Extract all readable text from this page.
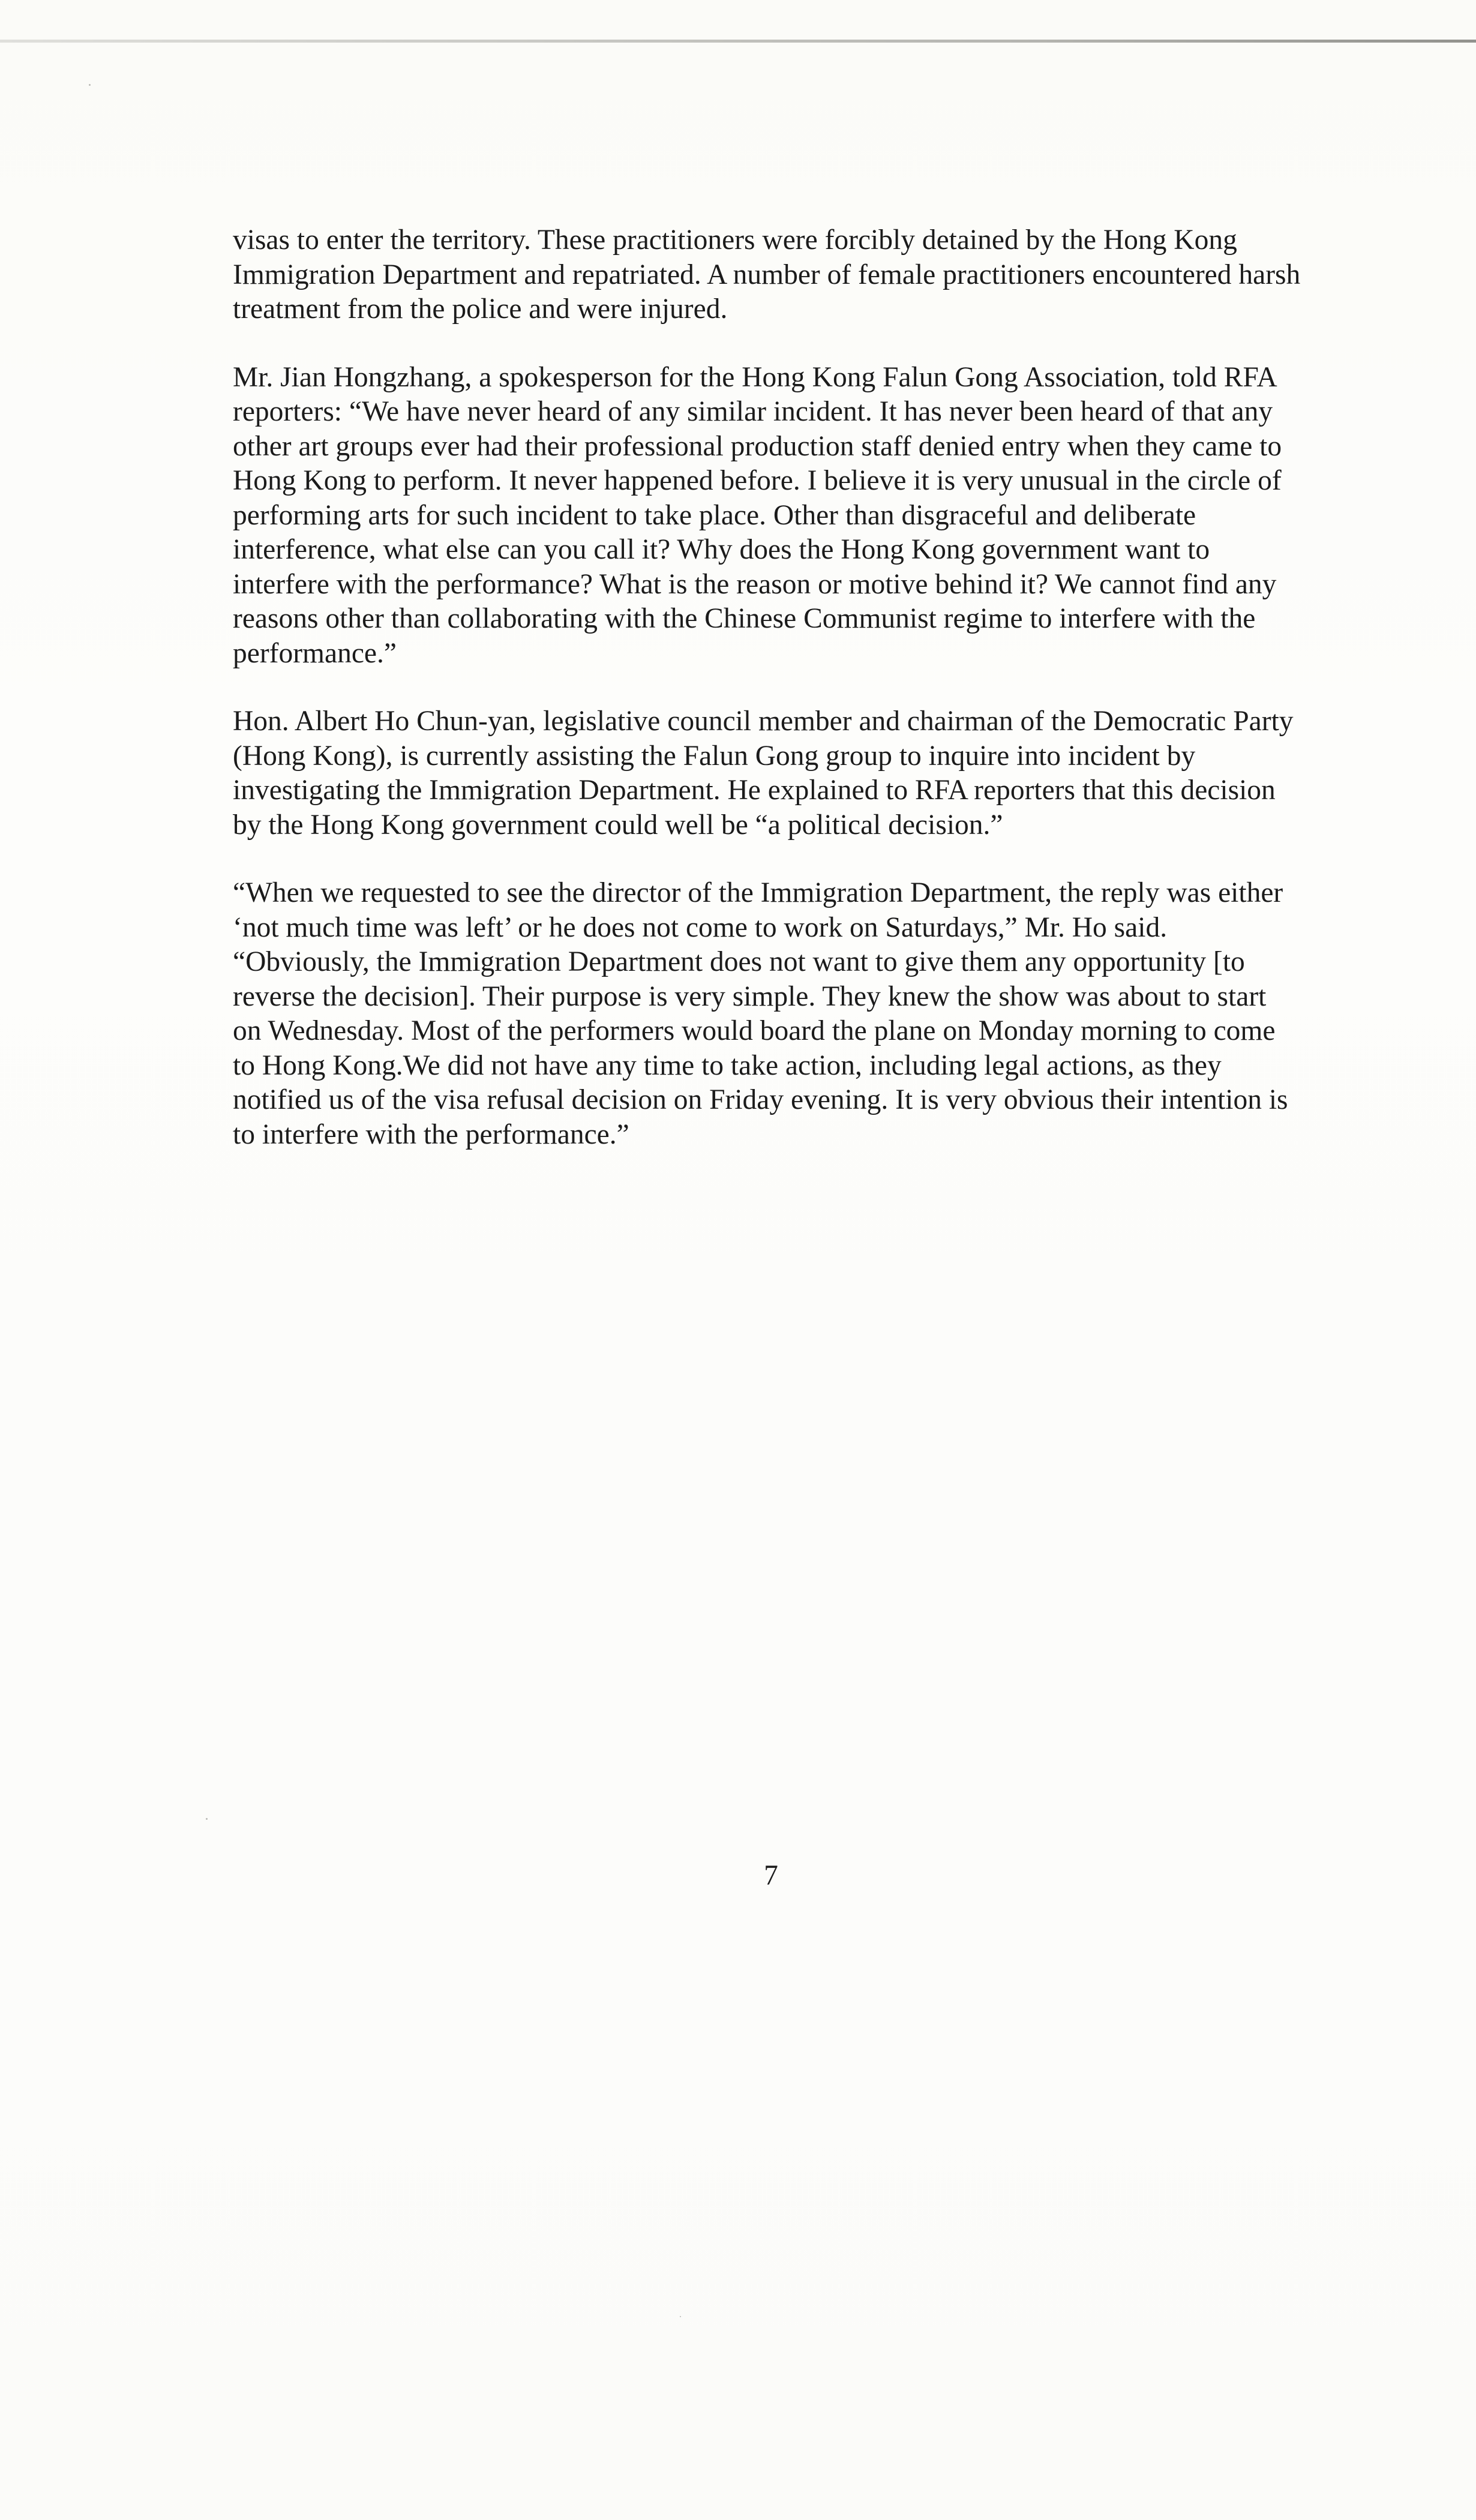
visas to enter the territory. These practitioners were forcibly detained by the Hong Kong Immigration Department and repatriated. A number of female practitioners encountered harsh treatment from the police and were injured.

Mr. Jian Hongzhang, a spokesperson for the Hong Kong Falun Gong Association, told RFA reporters: “We have never heard of any similar incident. It has never been heard of that any other art groups ever had their professional production staff denied entry when they came to Hong Kong to perform. It never happened before. I believe it is very unusual in the circle of performing arts for such incident to take place. Other than disgraceful and deliberate interference, what else can you call it? Why does the Hong Kong government want to interfere with the performance? What is the reason or motive behind it? We cannot find any reasons other than collaborating with the Chinese Communist regime to interfere with the performance.”

Hon. Albert Ho Chun-yan, legislative council member and chairman of the Democratic Party (Hong Kong), is currently assisting the Falun Gong group to inquire into incident by investigating the Immigration Department. He explained to RFA reporters that this decision by the Hong Kong government could well be “a political decision.”

“When we requested to see the director of the Immigration Department, the reply was either ‘not much time was left’ or he does not come to work on Saturdays,” Mr. Ho said. “Obviously, the Immigration Department does not want to give them any opportunity [to reverse the decision]. Their purpose is very simple. They knew the show was about to start on Wednesday. Most of the performers would board the plane on Monday morning to come to Hong Kong.We did not have any time to take action, including legal actions, as they notified us of the visa refusal decision on Friday evening. It is very obvious their intention is to interfere with the performance.”

7
